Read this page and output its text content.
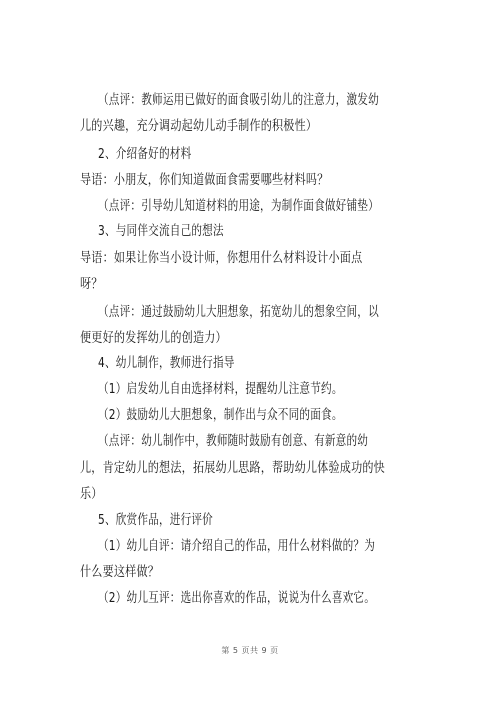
（点评：教师运用已做好的面食吸引幼儿的注意力，激发幼
儿的兴趣，充分调动起幼儿动手制作的积极性）
2、介绍备好的材料
导语：小朋友，你们知道做面食需要哪些材料吗？
（点评：引导幼儿知道材料的用途，为制作面食做好铺垫）
3、与同伴交流自己的想法
导语：如果让你当小设计师，你想用什么材料设计小面点
呀？
（点评：通过鼓励幼儿大胆想象，拓宽幼儿的想象空间，以
便更好的发挥幼儿的创造力）
4、幼儿制作，教师进行指导
（1）启发幼儿自由选择材料，提醒幼儿注意节约。
（2）鼓励幼儿大胆想象，制作出与众不同的面食。
（点评：幼儿制作中，教师随时鼓励有创意、有新意的幼
儿，肯定幼儿的想法，拓展幼儿思路，帮助幼儿体验成功的快
乐）
5、欣赏作品，进行评价
（1）幼儿自评：请介绍自己的作品，用什么材料做的？为
什么要这样做？
（2）幼儿互评：选出你喜欢的作品，说说为什么喜欢它。
第 5 页共 9 页
